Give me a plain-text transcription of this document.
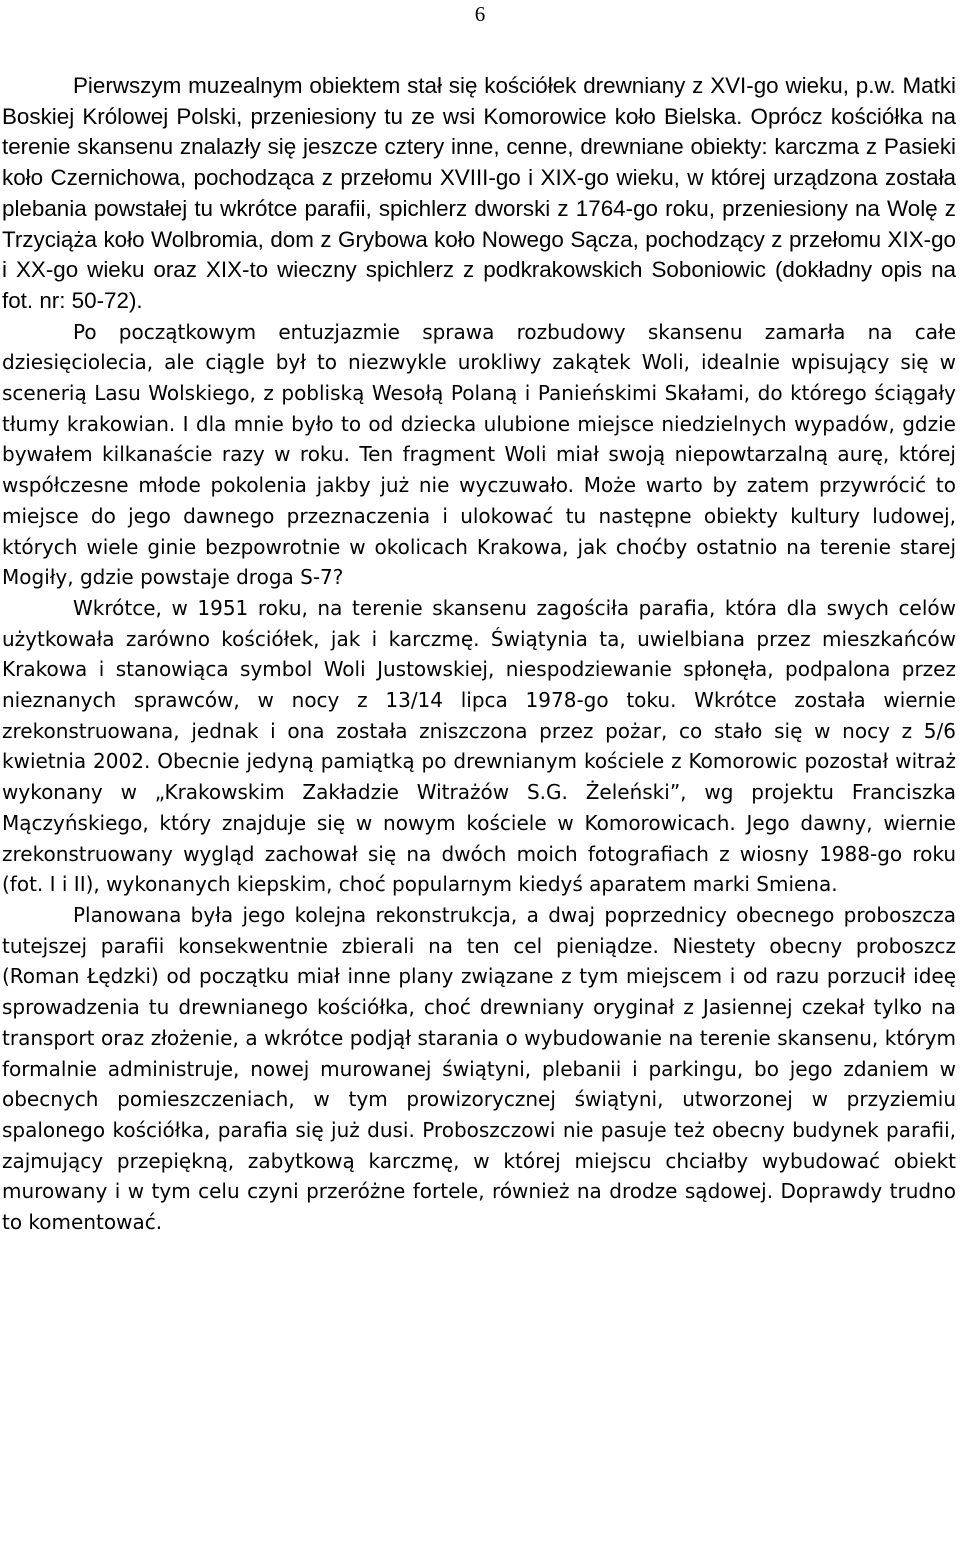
6

Pierwszym muzealnym obiektem stał się kościółek drewniany z XVI-go wieku, p.w. Matki Boskiej Królowej Polski, przeniesiony tu ze wsi Komorowice koło Bielska. Oprócz kościółka na terenie skansenu znalazły się jeszcze cztery inne, cenne, drewniane obiekty: karczma z Pasieki koło Czernichowa, pochodząca z przełomu XVIII-go i XIX-go wieku, w której urządzona została plebania powstałej tu wkrótce parafii, spichlerz dworski z 1764-go roku, przeniesiony na Wolę z Trzyciąża koło Wolbromia, dom z Grybowa koło Nowego Sącza, pochodzący z przełomu XIX-go i XX-go wieku oraz XIX-to wieczny spichlerz z podkrakowskich Soboniowic (dokładny opis na fot. nr: 50-72).

Po początkowym entuzjazmie sprawa rozbudowy skansenu zamarła na całe dziesięciolecia, ale ciągle był to niezwykle urokliwy zakątek Woli, idealnie wpisujący się w scenerią Lasu Wolskiego, z pobliską Wesołą Polaną i Panieńskimi Skałami, do którego ściągały tłumy krakowian. I dla mnie było to od dziecka ulubione miejsce niedzielnych wypadów, gdzie bywałem kilkanaście razy w roku. Ten fragment Woli miał swoją niepowtarzalną aurę, której współczesne młode pokolenia jakby już nie wyczuwało. Może warto by zatem przywrócić to miejsce do jego dawnego przeznaczenia i ulokować tu następne obiekty kultury ludowej, których wiele ginie bezpowrotnie w okolicach Krakowa, jak choćby ostatnio na terenie starej Mogiły, gdzie powstaje droga S-7?

Wkrótce, w 1951 roku, na terenie skansenu zagościła parafia, która dla swych celów użytkowała zarówno kościółek, jak i karczmę. Świątynia ta, uwielbiana przez mieszkańców Krakowa i stanowiąca symbol Woli Justowskiej, niespodziewanie spłonęła, podpalona przez nieznanych sprawców, w nocy z 13/14 lipca 1978-go toku. Wkrótce została wiernie zrekonstruowana, jednak i ona została zniszczona przez pożar, co stało się w nocy z 5/6 kwietnia 2002. Obecnie jedyną pamiątką po drewnianym kościele z Komorowic pozostał witraż wykonany w „Krakowskim Zakładzie Witrażów S.G. Żeleński”, wg projektu Franciszka Mączyńskiego, który znajduje się w nowym kościele w Komorowicach. Jego dawny, wiernie zrekonstruowany wygląd zachował się na dwóch moich fotografiach z wiosny 1988-go roku (fot. I i II), wykonanych kiepskim, choć popularnym kiedyś aparatem marki Smiena.

Planowana była jego kolejna rekonstrukcja, a dwaj poprzednicy obecnego proboszcza tutejszej parafii konsekwentnie zbierali na ten cel pieniądze. Niestety obecny proboszcz (Roman Łędzki) od początku miał inne plany związane z tym miejscem i od razu porzucił ideę sprowadzenia tu drewnianego kościółka, choć drewniany oryginał z Jasiennej czekał tylko na transport oraz złożenie, a wkrótce podjął starania o wybudowanie na terenie skansenu, którym formalnie administruje, nowej murowanej świątyni, plebanii i parkingu, bo jego zdaniem w obecnych pomieszczeniach, w tym prowizorycznej świątyni, utworzonej w przyziemiu spalonego kościółka, parafia się już dusi. Proboszczowi nie pasuje też obecny budynek parafii, zajmujący przepiękną, zabytkową karczmę, w której miejscu chciałby wybudować obiekt murowany i w tym celu czyni przeróżne fortele, również na drodze sądowej. Doprawdy trudno to komentować.
